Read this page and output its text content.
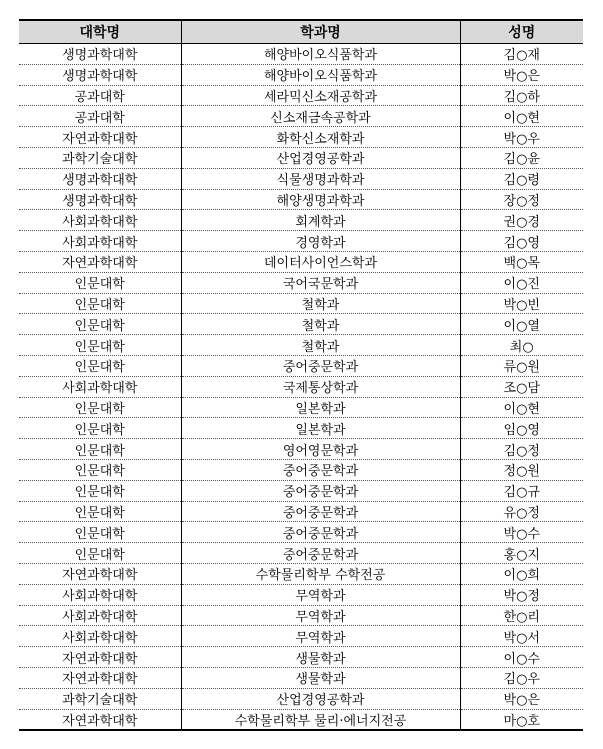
대학명	학과명	성명
생명과학대학	해양바이오식품학과	김○재
생명과학대학	해양바이오식품학과	박○은
공과대학	세라믹신소재공학과	김○하
공과대학	신소재금속공학과	이○현
자연과학대학	화학신소재학과	박○우
과학기술대학	산업경영공학과	김○윤
생명과학대학	식물생명과학과	김○령
생명과학대학	해양생명과학과	장○정
사회과학대학	회계학과	권○경
사회과학대학	경영학과	김○영
자연과학대학	데이터사이언스학과	백○목
인문대학	국어국문학과	이○진
인문대학	철학과	박○빈
인문대학	철학과	이○열
인문대학	철학과	최○
인문대학	중어중문학과	류○원
사회과학대학	국제통상학과	조○담
인문대학	일본학과	이○현
인문대학	일본학과	임○영
인문대학	영어영문학과	김○정
인문대학	중어중문학과	정○원
인문대학	중어중문학과	김○규
인문대학	중어중문학과	유○정
인문대학	중어중문학과	박○수
인문대학	중어중문학과	홍○지
자연과학대학	수학물리학부 수학전공	이○희
사회과학대학	무역학과	박○정
사회과학대학	무역학과	한○리
사회과학대학	무역학과	박○서
자연과학대학	생물학과	이○수
자연과학대학	생물학과	김○우
과학기술대학	산업경영공학과	박○은
자연과학대학	수학물리학부 물리·에너지전공	마○호
